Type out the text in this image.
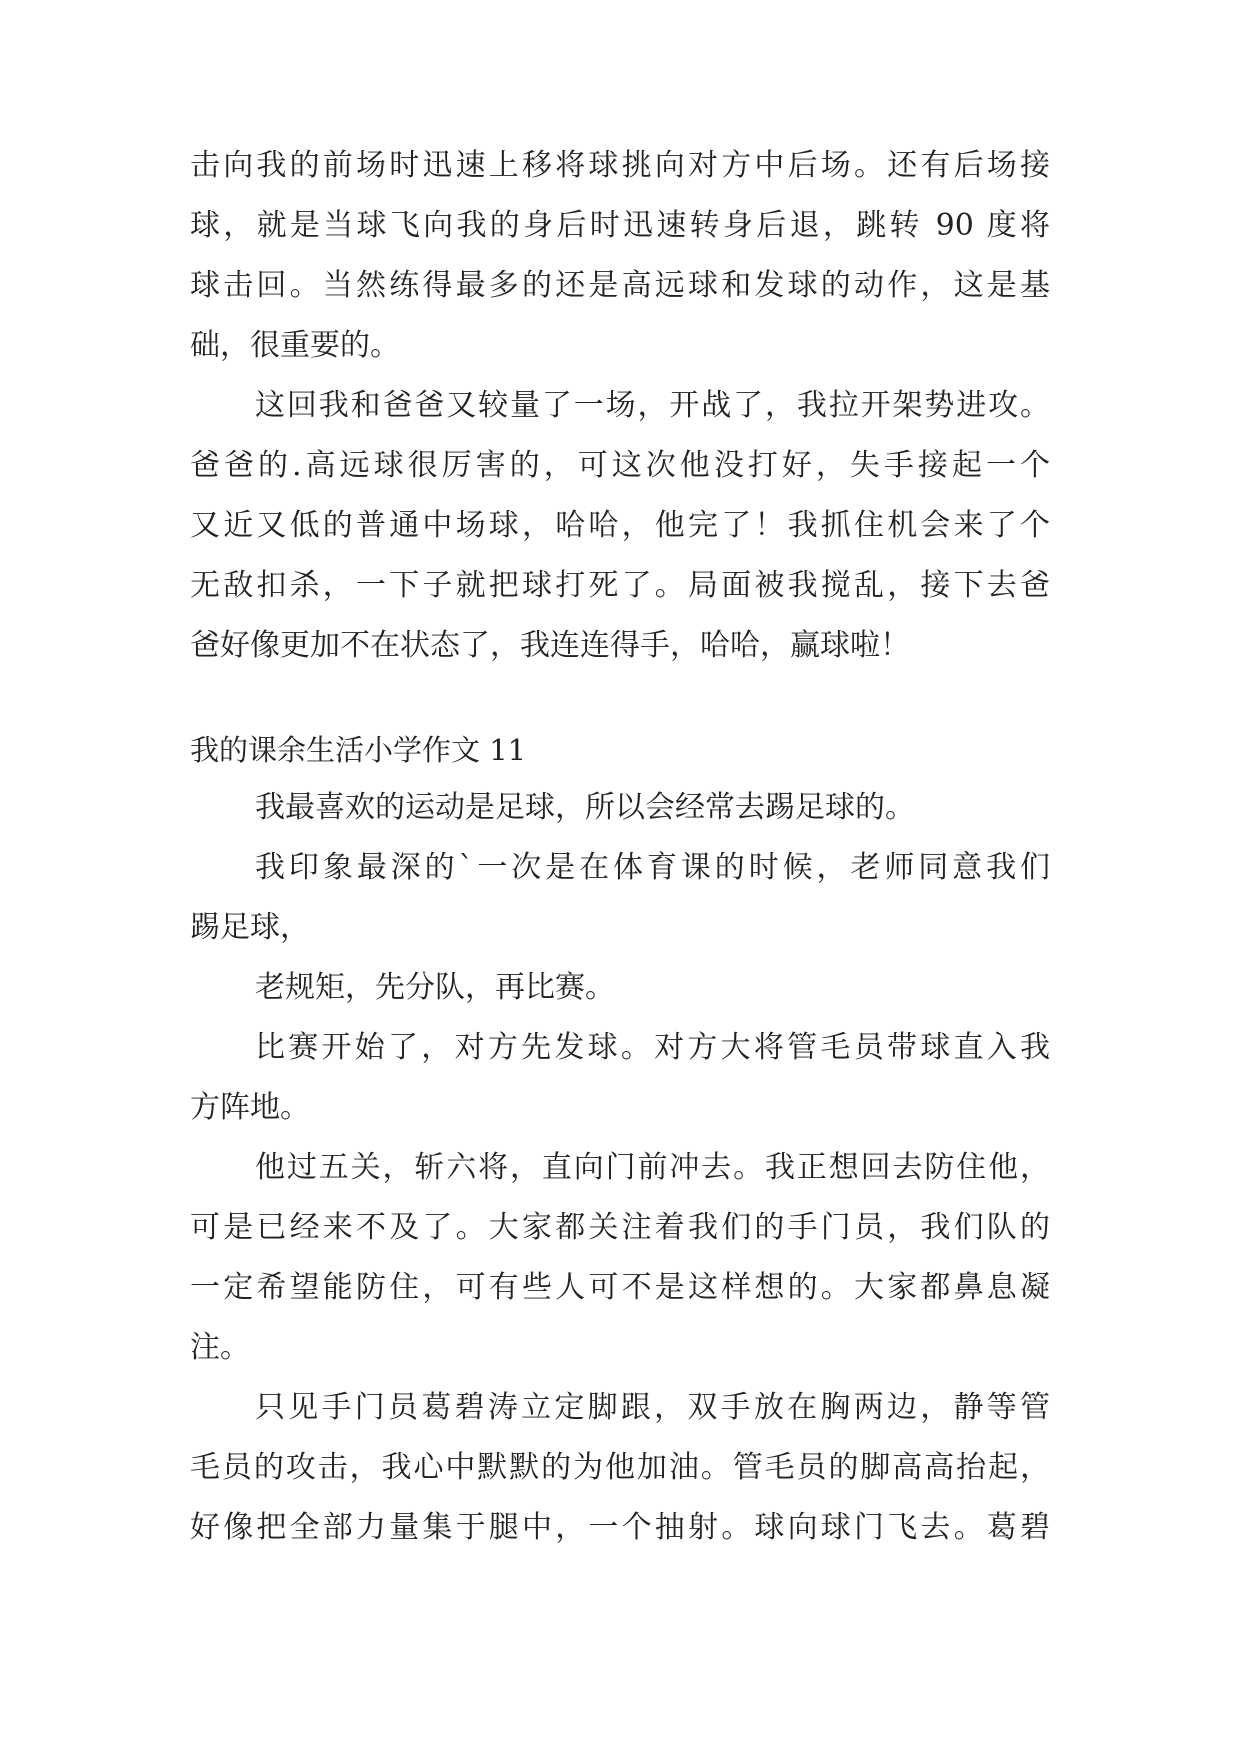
击向我的前场时迅速上移将球挑向对方中后场。还有后场接

球，就是当球飞向我的身后时迅速转身后退，跳转 90 度将

球击回。当然练得最多的还是高远球和发球的动作，这是基

础，很重要的。

这回我和爸爸又较量了一场，开战了，我拉开架势进攻。

爸爸的.高远球很厉害的，可这次他没打好，失手接起一个

又近又低的普通中场球，哈哈，他完了！我抓住机会来了个

无敌扣杀，一下子就把球打死了。局面被我搅乱，接下去爸

爸好像更加不在状态了，我连连得手，哈哈，赢球啦！

我的课余生活小学作文 11

我最喜欢的运动是足球，所以会经常去踢足球的。

我印象最深的`一次是在体育课的时候，老师同意我们

踢足球，

老规矩，先分队，再比赛。

比赛开始了，对方先发球。对方大将管毛员带球直入我

方阵地。

他过五关，斩六将，直向门前冲去。我正想回去防住他，

可是已经来不及了。大家都关注着我们的手门员，我们队的

一定希望能防住，可有些人可不是这样想的。大家都鼻息凝

注。

只见手门员葛碧涛立定脚跟，双手放在胸两边，静等管

毛员的攻击，我心中默默的为他加油。管毛员的脚高高抬起，

好像把全部力量集于腿中，一个抽射。球向球门飞去。葛碧
